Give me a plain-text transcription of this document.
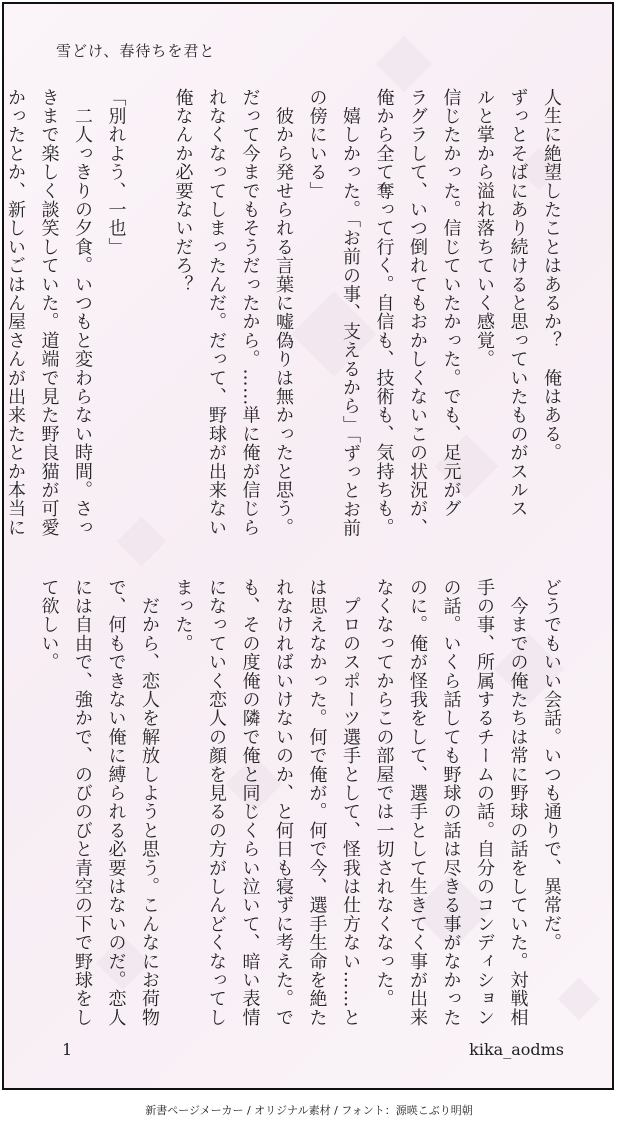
雪どけ、春待ちを君と
人生に絶望したことはあるか？　俺はある。
ずっとそばにあり続けると思っていたものがスルス
ルと掌から溢れ落ちていく感覚。
信じたかった。信じていたかった。でも、足元がグ
ラグラして、いつ倒れてもおかしくないこの状況が、
俺から全て奪って行く。自信も、技術も、気持ちも。
　嬉しかった。「お前の事、支えるから」「ずっとお前
の傍にいる」
　彼から発せられる言葉に嘘偽りは無かったと思う。
だって今までもそうだったから。……単に俺が信じら
れなくなってしまったんだ。だって、野球が出来ない
俺なんか必要ないだろ？

「別れよう、一也」
　二人っきりの夕食。いつもと変わらない時間。さっ
きまで楽しく談笑していた。道端で見た野良猫が可愛
かったとか、新しいごはん屋さんが出来たとか本当に
どうでもいい会話。いつも通りで、異常だ。
　今までの俺たちは常に野球の話をしていた。対戦相
手の事、所属するチームの話。自分のコンディション
の話。いくら話しても野球の話は尽きる事がなかった
のに。俺が怪我をして、選手として生きてく事が出来
なくなってからこの部屋では一切されなくなった。
　プロのスポーツ選手として、怪我は仕方ない……と
は思えなかった。何で俺が。何で今、選手生命を絶た
れなければいけないのか、と何日も寝ずに考えた。で
も、その度俺の隣で俺と同じくらい泣いて、暗い表情
になっていく恋人の顔を見るの方がしんどくなってし
まった。
　だから、恋人を解放しようと思う。こんなにお荷物
で、何もできない俺に縛られる必要はないのだ。恋人
には自由で、強かで、のびのびと青空の下で野球をし
て欲しい。

1	kika_aodms
新書ページメーカー / オリジナル素材 / フォント：源暎こぶり明朝
